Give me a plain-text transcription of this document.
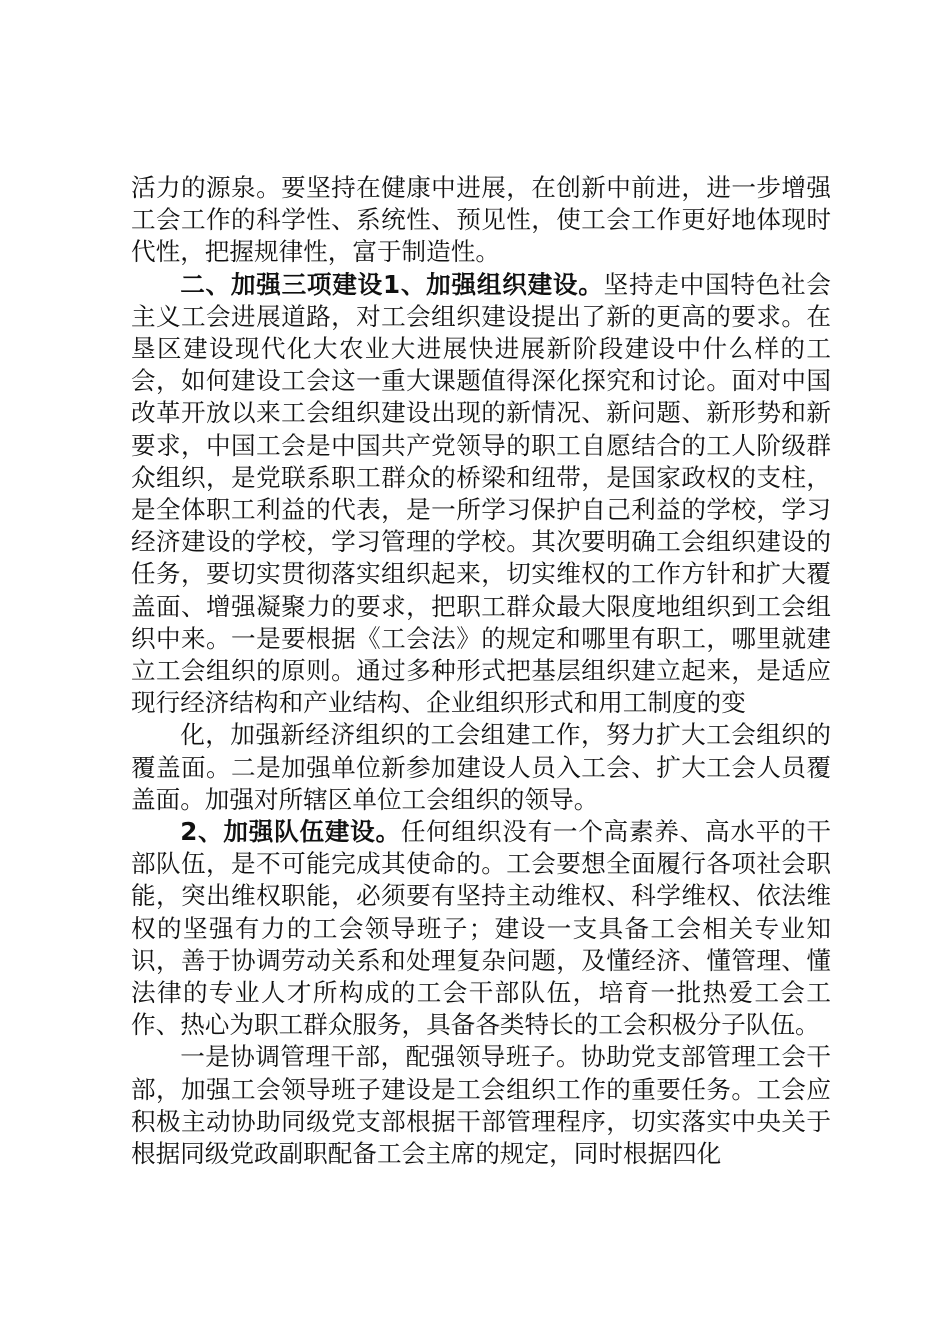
活力的源泉。要坚持在健康中进展，在创新中前进，进一步增强工会工作的科学性、系统性、预见性，使工会工作更好地体现时代性，把握规律性，富于制造性。

二、加强三项建设1、加强组织建设。坚持走中国特色社会主义工会进展道路，对工会组织建设提出了新的更高的要求。在垦区建设现代化大农业大进展快进展新阶段建设中什么样的工会，如何建设工会这一重大课题值得深化探究和讨论。面对中国改革开放以来工会组织建设出现的新情况、新问题、新形势和新要求，中国工会是中国共产党领导的职工自愿结合的工人阶级群众组织，是党联系职工群众的桥梁和纽带，是国家政权的支柱，是全体职工利益的代表，是一所学习保护自己利益的学校，学习经济建设的学校，学习管理的学校。其次要明确工会组织建设的任务，要切实贯彻落实组织起来，切实维权的工作方针和扩大覆盖面、增强凝聚力的要求，把职工群众最大限度地组织到工会组织中来。一是要根据《工会法》的规定和哪里有职工，哪里就建立工会组织的原则。通过多种形式把基层组织建立起来，是适应现行经济结构和产业结构、企业组织形式和用工制度的变

化，加强新经济组织的工会组建工作，努力扩大工会组织的覆盖面。二是加强单位新参加建设人员入工会、扩大工会人员覆盖面。加强对所辖区单位工会组织的领导。

2、加强队伍建设。任何组织没有一个高素养、高水平的干部队伍，是不可能完成其使命的。工会要想全面履行各项社会职能，突出维权职能，必须要有坚持主动维权、科学维权、依法维权的坚强有力的工会领导班子；建设一支具备工会相关专业知识，善于协调劳动关系和处理复杂问题，及懂经济、懂管理、懂法律的专业人才所构成的工会干部队伍，培育一批热爱工会工作、热心为职工群众服务，具备各类特长的工会积极分子队伍。

一是协调管理干部，配强领导班子。协助党支部管理工会干部，加强工会领导班子建设是工会组织工作的重要任务。工会应积极主动协助同级党支部根据干部管理程序，切实落实中央关于根据同级党政副职配备工会主席的规定，同时根据四化
